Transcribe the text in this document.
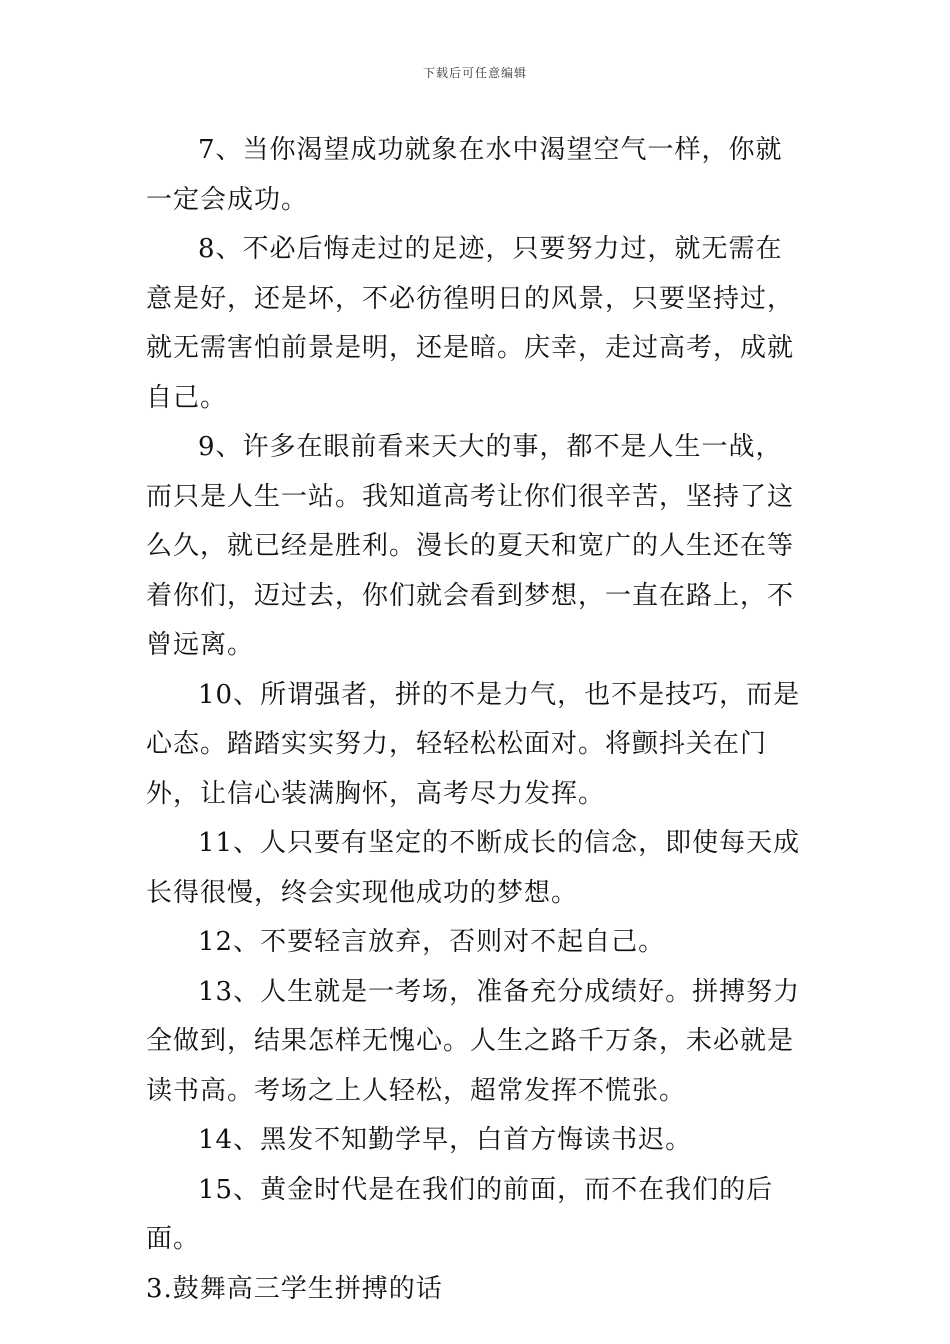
下载后可任意编辑

7、当你渴望成功就象在水中渴望空气一样，你就一定会成功。

8、不必后悔走过的足迹，只要努力过，就无需在意是好，还是坏，不必彷徨明日的风景，只要坚持过，就无需害怕前景是明，还是暗。庆幸，走过高考，成就自己。

9、许多在眼前看来天大的事，都不是人生一战，而只是人生一站。我知道高考让你们很辛苦，坚持了这么久，就已经是胜利。漫长的夏天和宽广的人生还在等着你们，迈过去，你们就会看到梦想，一直在路上，不曾远离。

10、所谓强者，拼的不是力气，也不是技巧，而是心态。踏踏实实努力，轻轻松松面对。将颤抖关在门外，让信心装满胸怀，高考尽力发挥。

11、人只要有坚定的不断成长的信念，即使每天成长得很慢，终会实现他成功的梦想。

12、不要轻言放弃，否则对不起自己。

13、人生就是一考场，准备充分成绩好。拼搏努力全做到，结果怎样无愧心。人生之路千万条，未必就是读书高。考场之上人轻松，超常发挥不慌张。

14、黑发不知勤学早，白首方悔读书迟。

15、黄金时代是在我们的前面，而不在我们的后面。

3.鼓舞高三学生拼搏的话
